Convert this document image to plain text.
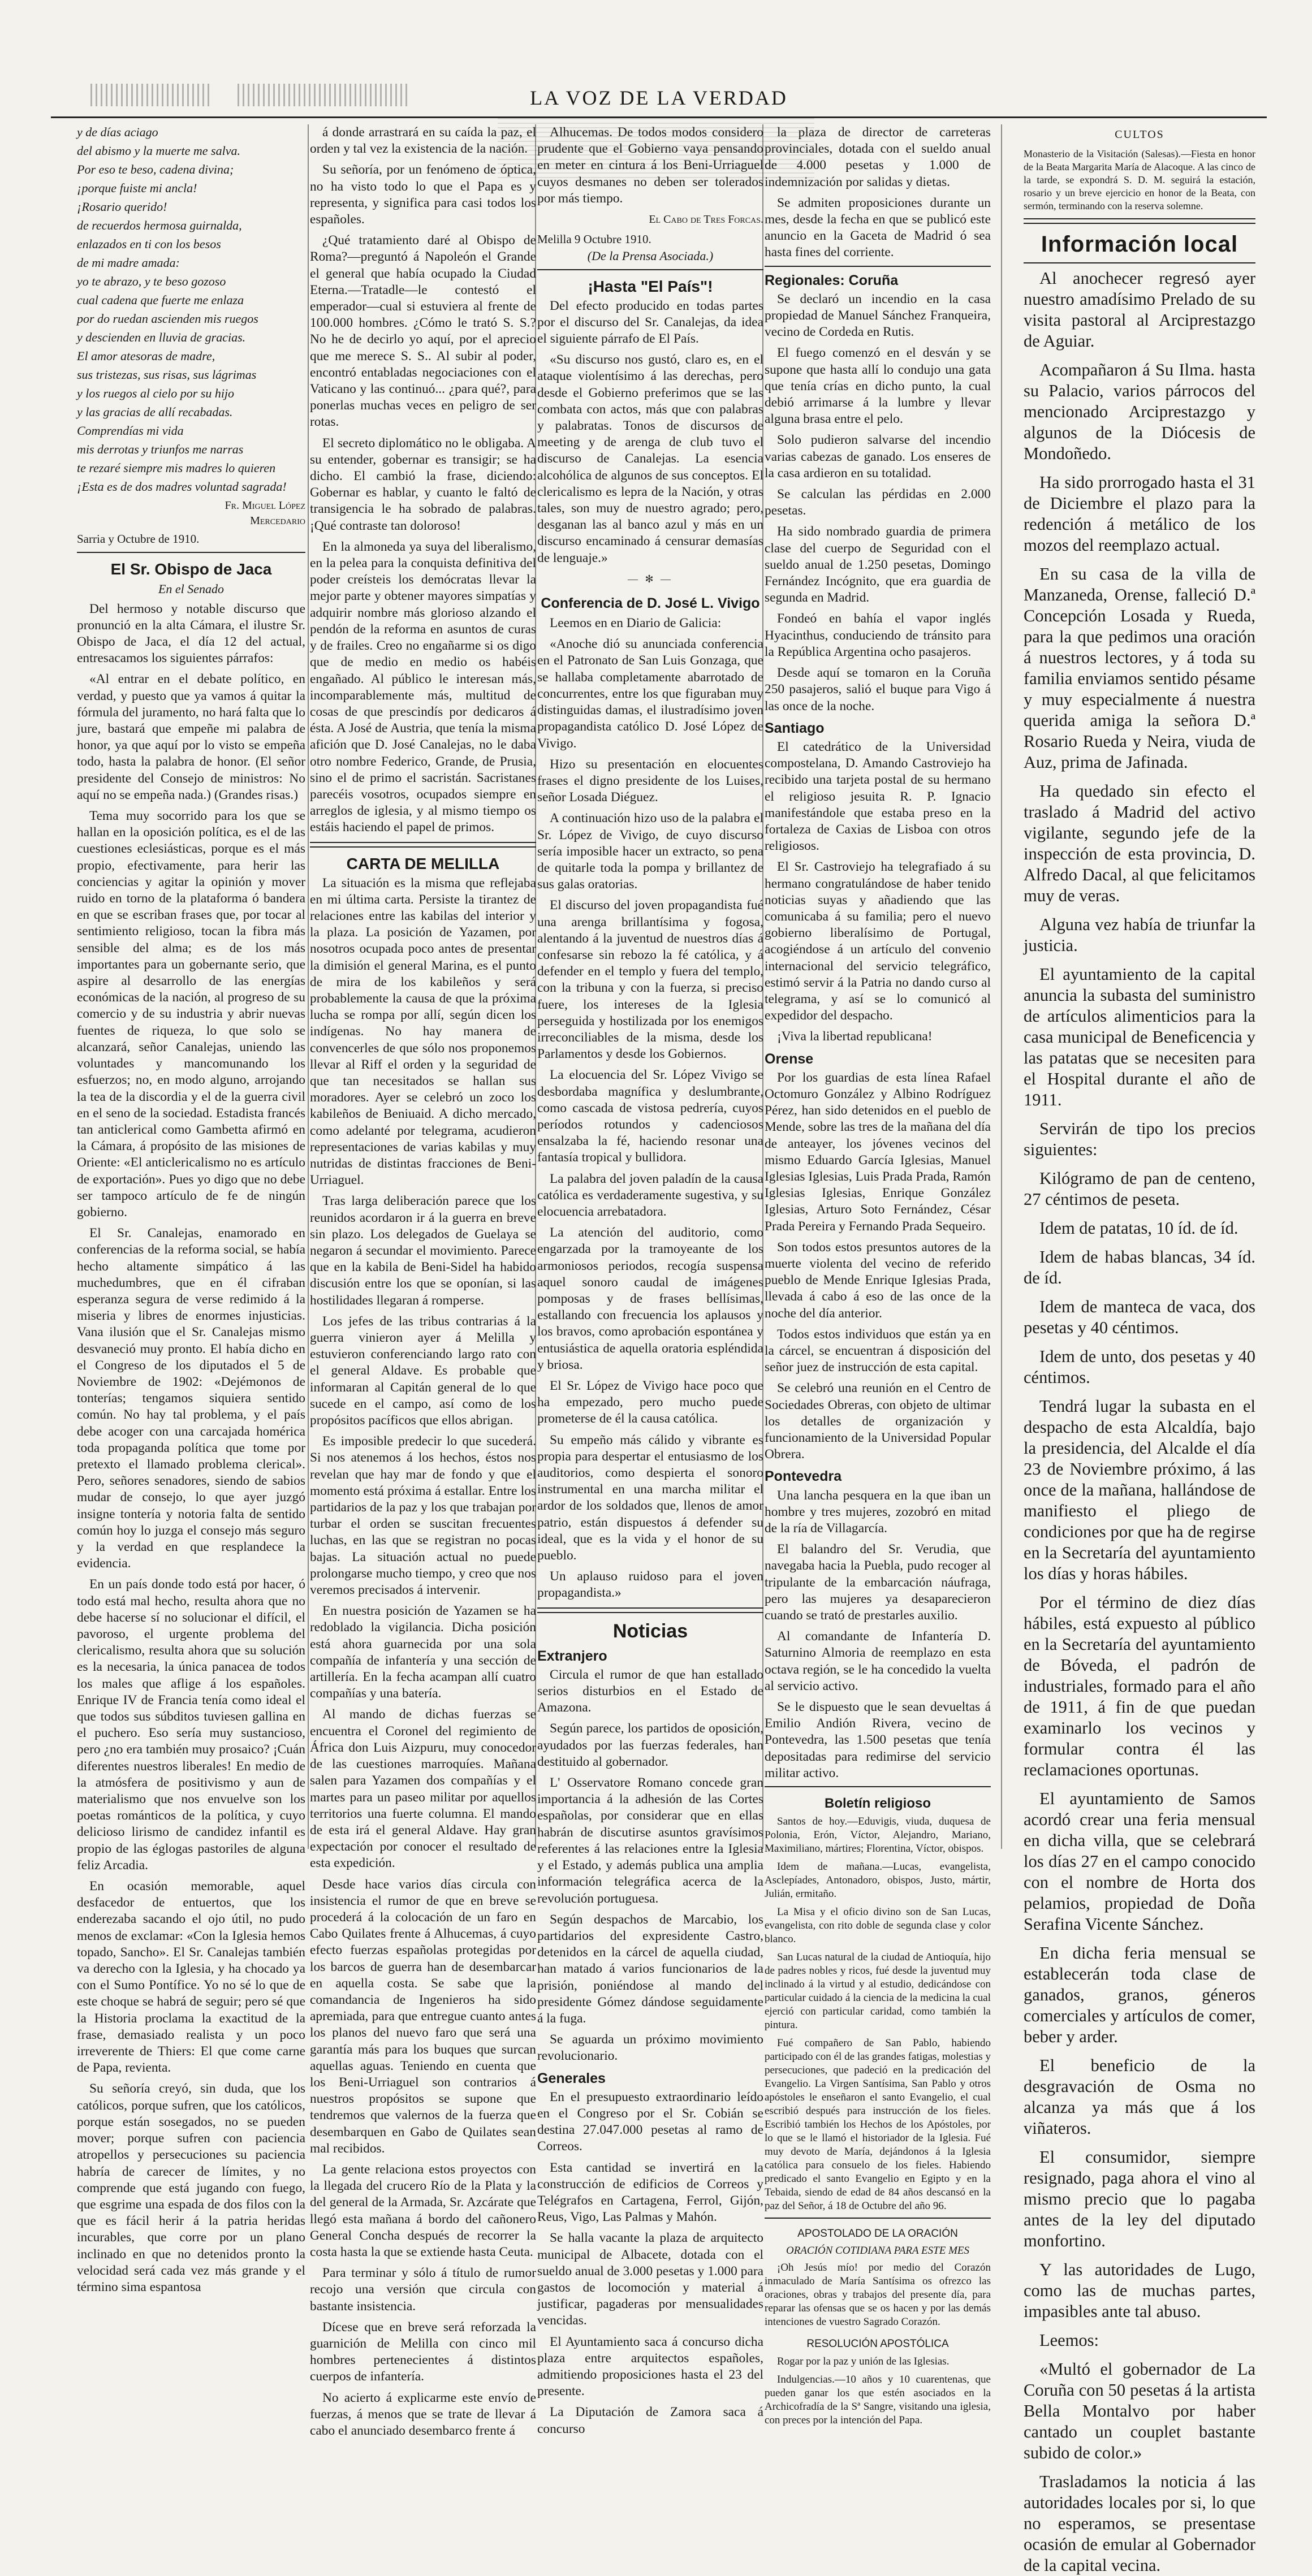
LA VOZ DE LA VERDAD

y de días aciago

del abismo y la muerte me salva.

Por eso te beso, cadena divina;

¡porque fuiste mi ancla!

¡Rosario querido!

de recuerdos hermosa guirnalda,

enlazados en ti con los besos

de mi madre amada:

yo te abrazo, y te beso gozoso

cual cadena que fuerte me enlaza

por do ruedan ascienden mis ruegos

y descienden en lluvia de gracias.

El amor atesoras de madre,

sus tristezas, sus risas, sus lágrimas

y los ruegos al cielo por su hijo

y las gracias de allí recabadas.

Comprendías mi vida

mis derrotas y triunfos me narras

te rezaré siempre mis madres lo quieren

¡Esta es de dos madres voluntad sagrada!

Fr. Miguel López
Mercedario
Sarria y Octubre de 1910.
El Sr. Obispo de Jaca
En el Senado

Del hermoso y notable discurso que pronunció en la alta Cámara, el ilustre Sr. Obispo de Jaca, el día 12 del actual, entresacamos los siguientes párrafos:

«Al entrar en el debate político, en verdad, y puesto que ya vamos á quitar la fórmula del juramento, no hará falta que lo jure, bastará que empeñe mi palabra de honor, ya que aquí por lo visto se empeña todo, hasta la palabra de honor. (El señor presidente del Consejo de ministros: No aquí no se empeña nada.) (Grandes risas.)

Tema muy socorrido para los que se hallan en la oposición política, es el de las cuestiones eclesiásticas, porque es el más propio, efectivamente, para herir las conciencias y agitar la opinión y mover ruido en torno de la plataforma ó bandera en que se escriban frases que, por tocar al sentimiento religioso, tocan la fibra más sensible del alma; es de los más importantes para un gobernante serio, que aspire al desarrollo de las energías económicas de la nación, al progreso de su comercio y de su industria y abrir nuevas fuentes de riqueza, lo que solo se alcanzará, señor Canalejas, uniendo las voluntades y mancomunando los esfuerzos; no, en modo alguno, arrojando la tea de la discordia y el de la guerra civil en el seno de la sociedad. Estadista francés tan anticlerical como Gambetta afirmó en la Cámara, á propósito de las misiones de Oriente: «El anticlericalismo no es artículo de exportación». Pues yo digo que no debe ser tampoco artículo de fe de ningún gobierno.

El Sr. Canalejas, enamorado en conferencias de la reforma social, se había hecho altamente simpático á las muchedumbres, que en él cifraban esperanza segura de verse redimido á la miseria y libres de enormes injusticias. Vana ilusión que el Sr. Canalejas mismo desvaneció muy pronto. El había dicho en el Congreso de los diputados el 5 de Noviembre de 1902: «Dejémonos de tonterías; tengamos siquiera sentido común. No hay tal problema, y el país debe acoger con una carcajada homérica toda propaganda política que tome por pretexto el llamado problema clerical». Pero, señores senadores, siendo de sabios mudar de consejo, lo que ayer juzgó insigne tontería y notoria falta de sentido común hoy lo juzga el consejo más seguro y la verdad en que resplandece la evidencia.

En un país donde todo está por hacer, ó todo está mal hecho, resulta ahora que no debe hacerse sí no solucionar el difícil, el pavoroso, el urgente problema del clericalismo, resulta ahora que su solución es la necesaria, la única panacea de todos los males que aflige á los españoles. Enrique IV de Francia tenía como ideal el que todos sus súbditos tuviesen gallina en el puchero. Eso sería muy sustancioso, pero ¿no era también muy prosaico? ¡Cuán diferentes nuestros liberales! En medio de la atmósfera de positivismo y aun de materialismo que nos envuelve son los poetas románticos de la política, y cuyo delicioso lirismo de candidez infantil es propio de las églogas pastoriles de alguna feliz Arcadia.

En ocasión memorable, aquel desfacedor de entuertos, que los enderezaba sacando el ojo útil, no pudo menos de exclamar: «Con la Iglesia hemos topado, Sancho». El Sr. Canalejas también va derecho con la Iglesia, y ha chocado ya con el Sumo Pontífice. Yo no sé lo que de este choque se habrá de seguir; pero sé que la Historia proclama la exactitud de la frase, demasiado realista y un poco irreverente de Thiers: El que come carne de Papa, revienta.

Su señoría creyó, sin duda, que los católicos, porque sufren, que los católicos, porque están sosegados, no se pueden mover; porque sufren con paciencia atropellos y persecuciones su paciencia habría de carecer de límites, y no comprende que está jugando con fuego, que esgrime una espada de dos filos con la que es fácil herir á la patria heridas incurables, que corre por un plano inclinado en que no detenidos pronto la velocidad será cada vez más grande y el término sima espantosa

á donde arrastrará en su caída la paz, el orden y tal vez la existencia de la nación.

Su señoría, por un fenómeno de óptica, no ha visto todo lo que el Papa es y representa, y significa para casi todos los españoles.

¿Qué tratamiento daré al Obispo de Roma?—preguntó á Napoleón el Grande el general que había ocupado la Ciudad Eterna.—Tratadle—le contestó el emperador—cual si estuviera al frente de 100.000 hombres. ¿Cómo le trató S. S.? No he de decirlo yo aquí, por el aprecio que me merece S. S.. Al subir al poder, encontró entabladas negociaciones con el Vaticano y las continuó... ¿para qué?, para ponerlas muchas veces en peligro de ser rotas.

El secreto diplomático no le obligaba. A su entender, gobernar es transigir; se ha dicho. El cambió la frase, diciendo: Gobernar es hablar, y cuanto le faltó de transigencia le ha sobrado de palabras. ¡Qué contraste tan doloroso!

En la almoneda ya suya del liberalismo, en la pelea para la conquista definitiva del poder creísteis los demócratas llevar la mejor parte y obtener mayores simpatías y adquirir nombre más glorioso alzando el pendón de la reforma en asuntos de curas y de frailes. Creo no engañarme si os digo que de medio en medio os habéis engañado. Al público le interesan más, incomparablemente más, multitud de cosas de que prescindís por dedicaros á ésta. A José de Austria, que tenía la misma afición que D. José Canalejas, no le daba otro nombre Federico, Grande, de Prusia, sino el de primo el sacristán. Sacristanes parecéis vosotros, ocupados siempre en arreglos de iglesia, y al mismo tiempo os estáis haciendo el papel de primos.

CARTA DE MELILLA

La situación es la misma que reflejaba en mi última carta. Persiste la tirantez de relaciones entre las kabilas del interior y la plaza. La posición de Yazamen, por nosotros ocupada poco antes de presentar la dimisión el general Marina, es el punto de mira de los kabileños y será probablemente la causa de que la próxima lucha se rompa por allí, según dicen los indígenas. No hay manera de convencerles de que sólo nos proponemos llevar al Riff el orden y la seguridad de que tan necesitados se hallan sus moradores. Ayer se celebró un zoco los kabileños de Beniuaid. A dicho mercado, como adelanté por telegrama, acudieron representaciones de varias kabilas y muy nutridas de distintas fracciones de Beni-Urriaguel.

Tras larga deliberación parece que los reunidos acordaron ir á la guerra en breve sin plazo. Los delegados de Guelaya se negaron á secundar el movimiento. Parece que en la kabila de Beni-Sidel ha habido discusión entre los que se oponían, si las hostilidades llegaran á romperse.

Los jefes de las tribus contrarias á la guerra vinieron ayer á Melilla y estuvieron conferenciando largo rato con el general Aldave. Es probable que informaran al Capitán general de lo que sucede en el campo, así como de los propósitos pacíficos que ellos abrigan.

Es imposible predecir lo que sucederá. Si nos atenemos á los hechos, éstos nos revelan que hay mar de fondo y que el momento está próxima á estallar. Entre los partidarios de la paz y los que trabajan por turbar el orden se suscitan frecuentes luchas, en las que se registran no pocas bajas. La situación actual no puede prolongarse mucho tiempo, y creo que nos veremos precisados á intervenir.

En nuestra posición de Yazamen se ha redoblado la vigilancia. Dicha posición está ahora guarnecida por una sola compañía de infantería y una sección de artillería. En la fecha acampan allí cuatro compañías y una batería.

Al mando de dichas fuerzas se encuentra el Coronel del regimiento de África don Luis Aizpuru, muy conocedor de las cuestiones marroquíes. Mañana salen para Yazamen dos compañías y el martes para un paseo militar por aquellos territorios una fuerte columna. El mando de esta irá el general Aldave. Hay gran expectación por conocer el resultado de esta expedición.

Desde hace varios días circula con insistencia el rumor de que en breve se procederá á la colocación de un faro en Cabo Quilates frente á Alhucemas, á cuyo efecto fuerzas españolas protegidas por los barcos de guerra han de desembarcar en aquella costa. Se sabe que la comandancia de Ingenieros ha sido apremiada, para que entregue cuanto antes los planos del nuevo faro que será una garantía más para los buques que surcan aquellas aguas. Teniendo en cuenta que los Beni-Urriaguel son contrarios á nuestros propósitos se supone que tendremos que valernos de la fuerza que desembarquen en Gabo de Quilates sean mal recibidos.

La gente relaciona estos proyectos con la llegada del crucero Río de la Plata y la del general de la Armada, Sr. Azcárate que llegó esta mañana á bordo del cañonero General Concha después de recorrer la costa hasta la que se extiende hasta Ceuta.

Para terminar y sólo á título de rumor recojo una versión que circula con bastante insistencia.

Dícese que en breve será reforzada la guarnición de Melilla con cinco mil hombres pertenecientes á distintos cuerpos de infantería.

No acierto á explicarme este envío de fuerzas, á menos que se trate de llevar á cabo el anunciado desembarco frente á

Alhucemas. De todos modos considero prudente que el Gobierno vaya pensando en meter en cintura á los Beni-Urriaguel cuyos desmanes no deben ser tolerados por más tiempo.

El Cabo de Tres Forcas.
Melilla 9 Octubre 1910.
(De la Prensa Asociada.)
¡Hasta "El País"!

Del efecto producido en todas partes por el discurso del Sr. Canalejas, da idea el siguiente párrafo de El País.

«Su discurso nos gustó, claro es, en el ataque violentísimo á las derechas, pero desde el Gobierno preferimos que se las combata con actos, más que con palabras y palabratas. Tonos de discursos de meeting y de arenga de club tuvo el discurso de Canalejas. La esencia alcohólica de algunos de sus conceptos. El clericalismo es lepra de la Nación, y otras tales, son muy de nuestro agrado; pero, desganan las al banco azul y más en un discurso encaminado á censurar demasías de lenguaje.»

— ✻ —
Conferencia de D. José L. Vivigo

Leemos en en Diario de Galicia:

«Anoche dió su anunciada conferencia en el Patronato de San Luis Gonzaga, que se hallaba completamente abarrotado de concurrentes, entre los que figuraban muy distinguidas damas, el ilustradísimo joven propagandista católico D. José López de Vivigo.

Hizo su presentación en elocuentes frases el digno presidente de los Luises, señor Losada Diéguez.

A continuación hizo uso de la palabra el Sr. López de Vivigo, de cuyo discurso sería imposible hacer un extracto, so pena de quitarle toda la pompa y brillantez de sus galas oratorias.

El discurso del joven propagandista fué una arenga brillantísima y fogosa, alentando á la juventud de nuestros días á confesarse sin rebozo la fé católica, y á defender en el templo y fuera del templo, con la tribuna y con la fuerza, si preciso fuere, los intereses de la Iglesia perseguida y hostilizada por los enemigos irreconciliables de la misma, desde los Parlamentos y desde los Gobiernos.

La elocuencia del Sr. López Vivigo se desbordaba magnífica y deslumbrante, como cascada de vistosa pedrería, cuyos períodos rotundos y cadenciosos ensalzaba la fé, haciendo resonar una fantasía tropical y bullidora.

La palabra del joven paladín de la causa católica es verdaderamente sugestiva, y su elocuencia arrebatadora.

La atención del auditorio, como engarzada por la tramoyeante de los armoniosos periodos, recogía suspensa aquel sonoro caudal de imágenes pomposas y de frases bellísimas, estallando con frecuencia los aplausos y los bravos, como aprobación espontánea y entusiástica de aquella oratoria espléndida y briosa.

El Sr. López de Vivigo hace poco que ha empezado, pero mucho puede prometerse de él la causa católica.

Su empeño más cálido y vibrante es propia para despertar el entusiasmo de los auditorios, como despierta el sonoro instrumental en una marcha militar el ardor de los soldados que, llenos de amor patrio, están dispuestos á defender su ideal, que es la vida y el honor de su pueblo.

Un aplauso ruidoso para el joven propagandista.»

Noticias
Extranjero

Circula el rumor de que han estallado serios disturbios en el Estado de Amazona.

Según parece, los partidos de oposición, ayudados por las fuerzas federales, han destituido al gobernador.

L' Osservatore Romano concede gran importancia á la adhesión de las Cortes españolas, por considerar que en ellas habrán de discutirse asuntos gravísimos referentes á las relaciones entre la Iglesia y el Estado, y además publica una amplia información telegráfica acerca de la revolución portuguesa.

Según despachos de Marcabio, los partidarios del expresidente Castro, detenidos en la cárcel de aquella ciudad, han matado á varios funcionarios de la prisión, poniéndose al mando del presidente Gómez dándose seguidamente á la fuga.

Se aguarda un próximo movimiento revolucionario.

Generales

En el presupuesto extraordinario leído en el Congreso por el Sr. Cobián se destina 27.047.000 pesetas al ramo de Correos.

Esta cantidad se invertirá en la construcción de edificios de Correos y Telégrafos en Cartagena, Ferrol, Gijón, Reus, Vigo, Las Palmas y Mahón.

Se halla vacante la plaza de arquitecto municipal de Albacete, dotada con el sueldo anual de 3.000 pesetas y 1.000 para gastos de locomoción y material á justificar, pagaderas por mensualidades vencidas.

El Ayuntamiento saca á concurso dicha plaza entre arquitectos españoles, admitiendo proposiciones hasta el 23 del presente.

La Diputación de Zamora saca á concurso

la plaza de director de carreteras provinciales, dotada con el sueldo anual de 4.000 pesetas y 1.000 de indemnización por salidas y dietas.

Se admiten proposiciones durante un mes, desde la fecha en que se publicó este anuncio en la Gaceta de Madrid ó sea hasta fines del corriente.

Regionales: Coruña

Se declaró un incendio en la casa propiedad de Manuel Sánchez Franqueira, vecino de Cordeda en Rutis.

El fuego comenzó en el desván y se supone que hasta allí lo condujo una gata que tenía crías en dicho punto, la cual debió arrimarse á la lumbre y llevar alguna brasa entre el pelo.

Solo pudieron salvarse del incendio varias cabezas de ganado. Los enseres de la casa ardieron en su totalidad.

Se calculan las pérdidas en 2.000 pesetas.

Ha sido nombrado guardia de primera clase del cuerpo de Seguridad con el sueldo anual de 1.250 pesetas, Domingo Fernández Incógnito, que era guardia de segunda en Madrid.

Fondeó en bahía el vapor inglés Hyacinthus, conduciendo de tránsito para la República Argentina ocho pasajeros.

Desde aquí se tomaron en la Coruña 250 pasajeros, salió el buque para Vigo á las once de la noche.

Santiago

El catedrático de la Universidad compostelana, D. Amando Castroviejo ha recibido una tarjeta postal de su hermano el religioso jesuita R. P. Ignacio manifestándole que estaba preso en la fortaleza de Caxias de Lisboa con otros religiosos.

El Sr. Castroviejo ha telegrafiado á su hermano congratulándose de haber tenido noticias suyas y añadiendo que las comunicaba á su familia; pero el nuevo gobierno liberalísimo de Portugal, acogiéndose á un artículo del convenio internacional del servicio telegráfico, estimó servir á la Patria no dando curso al telegrama, y así se lo comunicó al expedidor del despacho.

¡Viva la libertad republicana!

Orense

Por los guardias de esta línea Rafael Octomuro González y Albino Rodríguez Pérez, han sido detenidos en el pueblo de Mende, sobre las tres de la mañana del día de anteayer, los jóvenes vecinos del mismo Eduardo García Iglesias, Manuel Iglesias Iglesias, Luis Prada Prada, Ramón Iglesias Iglesias, Enrique González Iglesias, Arturo Soto Fernández, César Prada Pereira y Fernando Prada Sequeiro.

Son todos estos presuntos autores de la muerte violenta del vecino de referido pueblo de Mende Enrique Iglesias Prada, llevada á cabo á eso de las once de la noche del día anterior.

Todos estos individuos que están ya en la cárcel, se encuentran á disposición del señor juez de instrucción de esta capital.

Se celebró una reunión en el Centro de Sociedades Obreras, con objeto de ultimar los detalles de organización y funcionamiento de la Universidad Popular Obrera.

Pontevedra

Una lancha pesquera en la que iban un hombre y tres mujeres, zozobró en mitad de la ría de Villagarcía.

El balandro del Sr. Verudia, que navegaba hacia la Puebla, pudo recoger al tripulante de la embarcación náufraga, pero las mujeres ya desaparecieron cuando se trató de prestarles auxilio.

Al comandante de Infantería D. Saturnino Almoria de reemplazo en esta octava región, se le ha concedido la vuelta al servicio activo.

Se le dispuesto que le sean devueltas á Emilio Andión Rivera, vecino de Pontevedra, las 1.500 pesetas que tenía depositadas para redimirse del servicio militar activo.

Boletín religioso

Santos de hoy.—Eduvigis, viuda, duquesa de Polonia, Erón, Víctor, Alejandro, Mariano, Maximiliano, mártires; Florentina, Víctor, obispos.

Idem de mañana.—Lucas, evangelista, Asclepíades, Antonadoro, obispos, Justo, mártir, Julián, ermitaño.

La Misa y el oficio divino son de San Lucas, evangelista, con rito doble de segunda clase y color blanco.

San Lucas natural de la ciudad de Antioquía, hijo de padres nobles y ricos, fué desde la juventud muy inclinado á la virtud y al estudio, dedicándose con particular cuidado á la ciencia de la medicina la cual ejerció con particular caridad, como también la pintura.

Fué compañero de San Pablo, habiendo participado con él de las grandes fatigas, molestias y persecuciones, que padeció en la predicación del Evangelio. La Virgen Santísima, San Pablo y otros apóstoles le enseñaron el santo Evangelio, el cual escribió después para instrucción de los fieles. Escribió también los Hechos de los Apóstoles, por lo que se le llamó el historiador de la Iglesia. Fué muy devoto de María, dejándonos á la Iglesia católica para consuelo de los fieles. Habiendo predicado el santo Evangelio en Egipto y en la Tebaida, siendo de edad de 84 años descansó en la paz del Señor, á 18 de Octubre del año 96.

APOSTOLADO DE LA ORACIÓN
ORACIÓN COTIDIANA PARA ESTE MES

¡Oh Jesús mío! por medio del Corazón inmaculado de María Santísima os ofrezco las oraciones, obras y trabajos del presente día, para reparar las ofensas que se os hacen y por las demás intenciones de vuestro Sagrado Corazón.

RESOLUCIÓN APOSTÓLICA

Rogar por la paz y unión de las Iglesias.

Indulgencias.—10 años y 10 cuarentenas, que pueden ganar los que estén asociados en la Archicofradía de la Sª Sangre, visitando una iglesia, con preces por la intención del Papa.

CULTOS
Monasterio de la Visitación (Salesas).—Fiesta en honor de la Beata Margarita María de Alacoque. A las cinco de la tarde, se expondrá S. D. M. seguirá la estación, rosario y un breve ejercicio en honor de la Beata, con sermón, terminando con la reserva solemne.
Información local

Al anochecer regresó ayer nuestro amadísimo Prelado de su visita pastoral al Arciprestazgo de Aguiar.

Acompañaron á Su Ilma. hasta su Palacio, varios párrocos del mencionado Arciprestazgo y algunos de la Diócesis de Mondoñedo.

Ha sido prorrogado hasta el 31 de Diciembre el plazo para la redención á metálico de los mozos del reemplazo actual.

En su casa de la villa de Manzaneda, Orense, falleció D.ª Concepción Losada y Rueda, para la que pedimos una oración á nuestros lectores, y á toda su familia enviamos sentido pésame y muy especialmente á nuestra querida amiga la señora D.ª Rosario Rueda y Neira, viuda de Auz, prima de Jafinada.

Ha quedado sin efecto el traslado á Madrid del activo vigilante, segundo jefe de la inspección de esta provincia, D. Alfredo Dacal, al que felicitamos muy de veras.

Alguna vez había de triunfar la justicia.

El ayuntamiento de la capital anuncia la subasta del suministro de artículos alimenticios para la casa municipal de Beneficencia y las patatas que se necesiten para el Hospital durante el año de 1911.

Servirán de tipo los precios siguientes:

Kilógramo de pan de centeno, 27 céntimos de peseta.

Idem de patatas, 10 íd. de íd.

Idem de habas blancas, 34 íd. de íd.

Idem de manteca de vaca, dos pesetas y 40 céntimos.

Idem de unto, dos pesetas y 40 céntimos.

Tendrá lugar la subasta en el despacho de esta Alcaldía, bajo la presidencia, del Alcalde el día 23 de Noviembre próximo, á las once de la mañana, hallándose de manifiesto el pliego de condiciones por que ha de regirse en la Secretaría del ayuntamiento los días y horas hábiles.

Por el término de diez días hábiles, está expuesto al público en la Secretaría del ayuntamiento de Bóveda, el padrón de industriales, formado para el año de 1911, á fin de que puedan examinarlo los vecinos y formular contra él las reclamaciones oportunas.

El ayuntamiento de Samos acordó crear una feria mensual en dicha villa, que se celebrará los días 27 en el campo conocido con el nombre de Horta dos pelamios, propiedad de Doña Serafina Vicente Sánchez.

En dicha feria mensual se establecerán toda clase de ganados, granos, géneros comerciales y artículos de comer, beber y arder.

El beneficio de la desgravación de Osma no alcanza ya más que á los viñateros.

El consumidor, siempre resignado, paga ahora el vino al mismo precio que lo pagaba antes de la ley del diputado monfortino.

Y las autoridades de Lugo, como las de muchas partes, impasibles ante tal abuso.

Leemos:

«Multó el gobernador de La Coruña con 50 pesetas á la artista Bella Montalvo por haber cantado un couplet bastante subido de color.»

Trasladamos la noticia á las autoridades locales por si, lo que no esperamos, se presentase ocasión de emular al Gobernador de la capital vecina.
